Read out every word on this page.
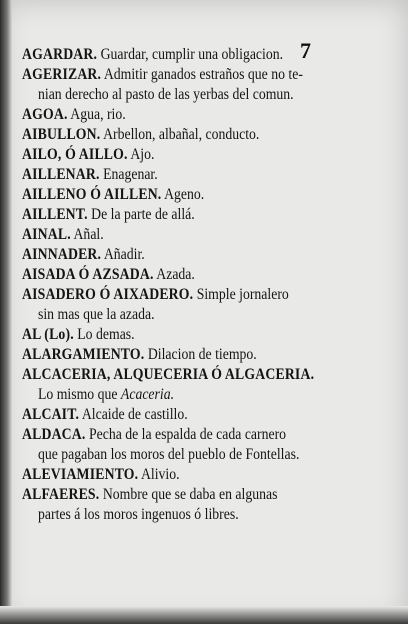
7
AGARDAR. Guardar, cumplir una obligacion.
AGERIZAR. Admitir ganados estraños que no te-
nian derecho al pasto de las yerbas del comun.
AGOA. Agua, rio.
AIBULLON. Arbellon, albañal, conducto.
AILO, Ó AILLO. Ajo.
AILLENAR. Enagenar.
AILLENO Ó AILLEN. Ageno.
AILLENT. De la parte de allá.
AINAL. Añal.
AINNADER. Añadir.
AISADA Ó AZSADA. Azada.
AISADERO Ó AIXADERO. Simple jornalero
sin mas que la azada.
AL (Lo). Lo demas.
ALARGAMIENTO. Dilacion de tiempo.
ALCACERIA, ALQUECERIA Ó ALGACERIA.
Lo mismo que Acaceria.
ALCAIT. Alcaide de castillo.
ALDACA. Pecha de la espalda de cada carnero
que pagaban los moros del pueblo de Fontellas.
ALEVIAMIENTO. Alivio.
ALFAERES. Nombre que se daba en algunas
partes á los moros ingenuos ó libres.
